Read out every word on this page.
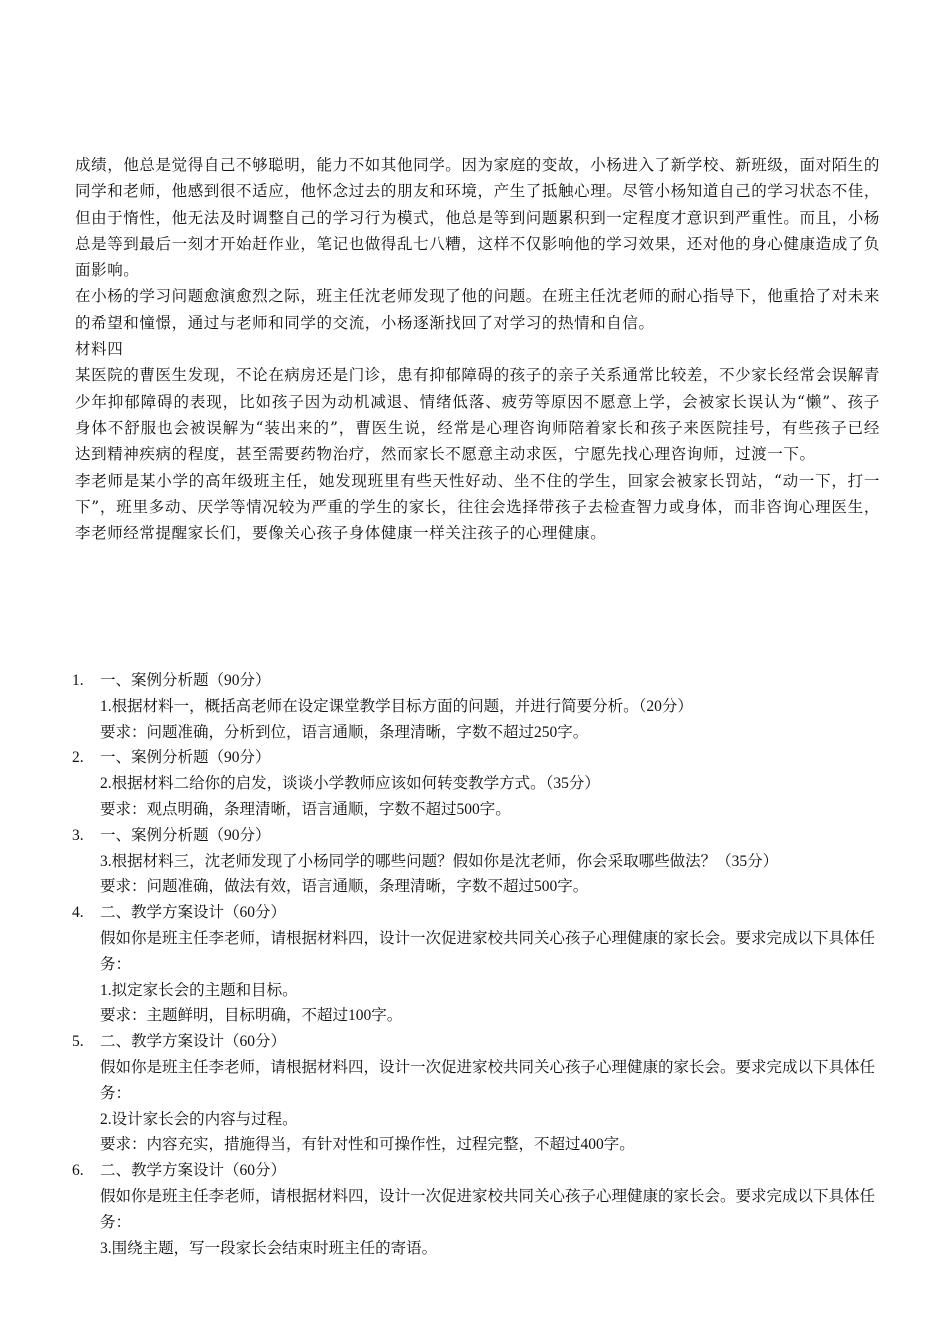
成绩，他总是觉得自己不够聪明，能力不如其他同学。因为家庭的变故，小杨进入了新学校、新班级，面对陌生的同学和老师，他感到很不适应，他怀念过去的朋友和环境，产生了抵触心理。尽管小杨知道自己的学习状态不佳，但由于惰性，他无法及时调整自己的学习行为模式，他总是等到问题累积到一定程度才意识到严重性。而且，小杨总是等到最后一刻才开始赶作业，笔记也做得乱七八糟，这样不仅影响他的学习效果，还对他的身心健康造成了负面影响。

在小杨的学习问题愈演愈烈之际，班主任沈老师发现了他的问题。在班主任沈老师的耐心指导下，他重拾了对未来的希望和憧憬，通过与老师和同学的交流，小杨逐渐找回了对学习的热情和自信。

材料四

某医院的曹医生发现，不论在病房还是门诊，患有抑郁障碍的孩子的亲子关系通常比较差，不少家长经常会误解青少年抑郁障碍的表现，比如孩子因为动机减退、情绪低落、疲劳等原因不愿意上学，会被家长误认为“懒”、孩子身体不舒服也会被误解为“装出来的”，曹医生说，经常是心理咨询师陪着家长和孩子来医院挂号，有些孩子已经达到精神疾病的程度，甚至需要药物治疗，然而家长不愿意主动求医，宁愿先找心理咨询师，过渡一下。

李老师是某小学的高年级班主任，她发现班里有些天性好动、坐不住的学生，回家会被家长罚站，“动一下，打一下”，班里多动、厌学等情况较为严重的学生的家长，往往会选择带孩子去检查智力或身体，而非咨询心理医生，李老师经常提醒家长们，要像关心孩子身体健康一样关注孩子的心理健康。

1. 一、案例分析题（90分）
1.根据材料一，概括高老师在设定课堂教学目标方面的问题，并进行简要分析。（20分）
要求：问题准确，分析到位，语言通顺，条理清晰，字数不超过250字。
2. 一、案例分析题（90分）
2.根据材料二给你的启发，谈谈小学教师应该如何转变教学方式。（35分）
要求：观点明确，条理清晰，语言通顺，字数不超过500字。
3. 一、案例分析题（90分）
3.根据材料三，沈老师发现了小杨同学的哪些问题？假如你是沈老师，你会采取哪些做法？（35分）
要求：问题准确，做法有效，语言通顺，条理清晰，字数不超过500字。
4. 二、教学方案设计（60分）
假如你是班主任李老师，请根据材料四，设计一次促进家校共同关心孩子心理健康的家长会。要求完成以下具体任务：
1.拟定家长会的主题和目标。
要求：主题鲜明，目标明确，不超过100字。
5. 二、教学方案设计（60分）
假如你是班主任李老师，请根据材料四，设计一次促进家校共同关心孩子心理健康的家长会。要求完成以下具体任务：
2.设计家长会的内容与过程。
要求：内容充实，措施得当，有针对性和可操作性，过程完整，不超过400字。
6. 二、教学方案设计（60分）
假如你是班主任李老师，请根据材料四，设计一次促进家校共同关心孩子心理健康的家长会。要求完成以下具体任务：
3.围绕主题，写一段家长会结束时班主任的寄语。
